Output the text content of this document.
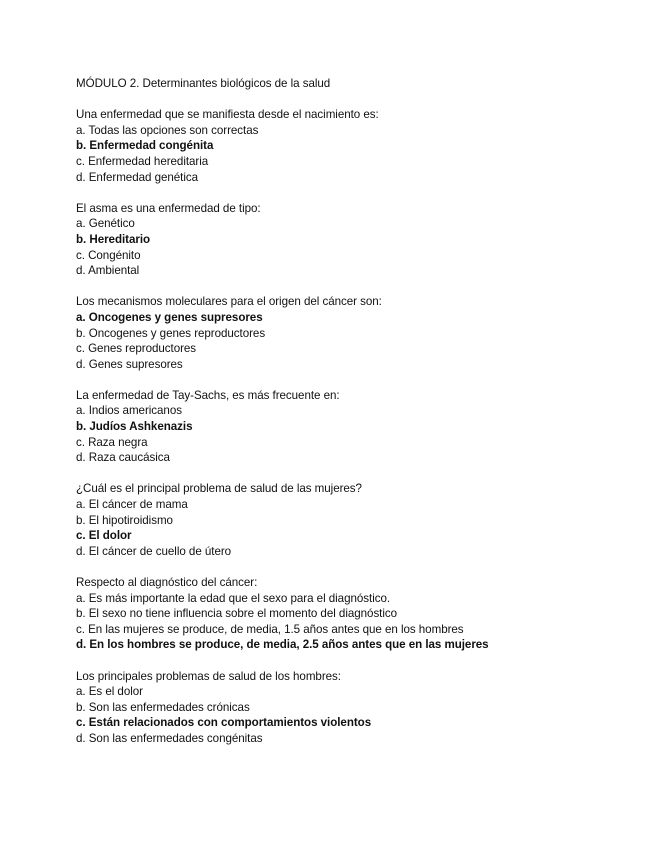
MÓDULO 2. Determinantes biológicos de la salud
Una enfermedad que se manifiesta desde el nacimiento es:
a. Todas las opciones son correctas
b. Enfermedad congénita
c. Enfermedad hereditaria
d. Enfermedad genética
El asma es una enfermedad de tipo:
a. Genético
b. Hereditario
c. Congénito
d. Ambiental
Los mecanismos moleculares para el origen del cáncer son:
a. Oncogenes y genes supresores
b. Oncogenes y genes reproductores
c. Genes reproductores
d. Genes supresores
La enfermedad de Tay-Sachs, es más frecuente en:
a. Indios americanos
b. Judíos Ashkenazis
c. Raza negra
d. Raza caucásica
¿Cuál es el principal problema de salud de las mujeres?
a. El cáncer de mama
b. El hipotiroidismo
c. El dolor
d. El cáncer de cuello de útero
Respecto al diagnóstico del cáncer:
a. Es más importante la edad que el sexo para el diagnóstico.
b. El sexo no tiene influencia sobre el momento del diagnóstico
c. En las mujeres se produce, de media, 1.5 años antes que en los hombres
d. En los hombres se produce, de media, 2.5 años antes que en las mujeres
Los principales problemas de salud de los hombres:
a. Es el dolor
b. Son las enfermedades crónicas
c. Están relacionados con comportamientos violentos
d. Son las enfermedades congénitas
